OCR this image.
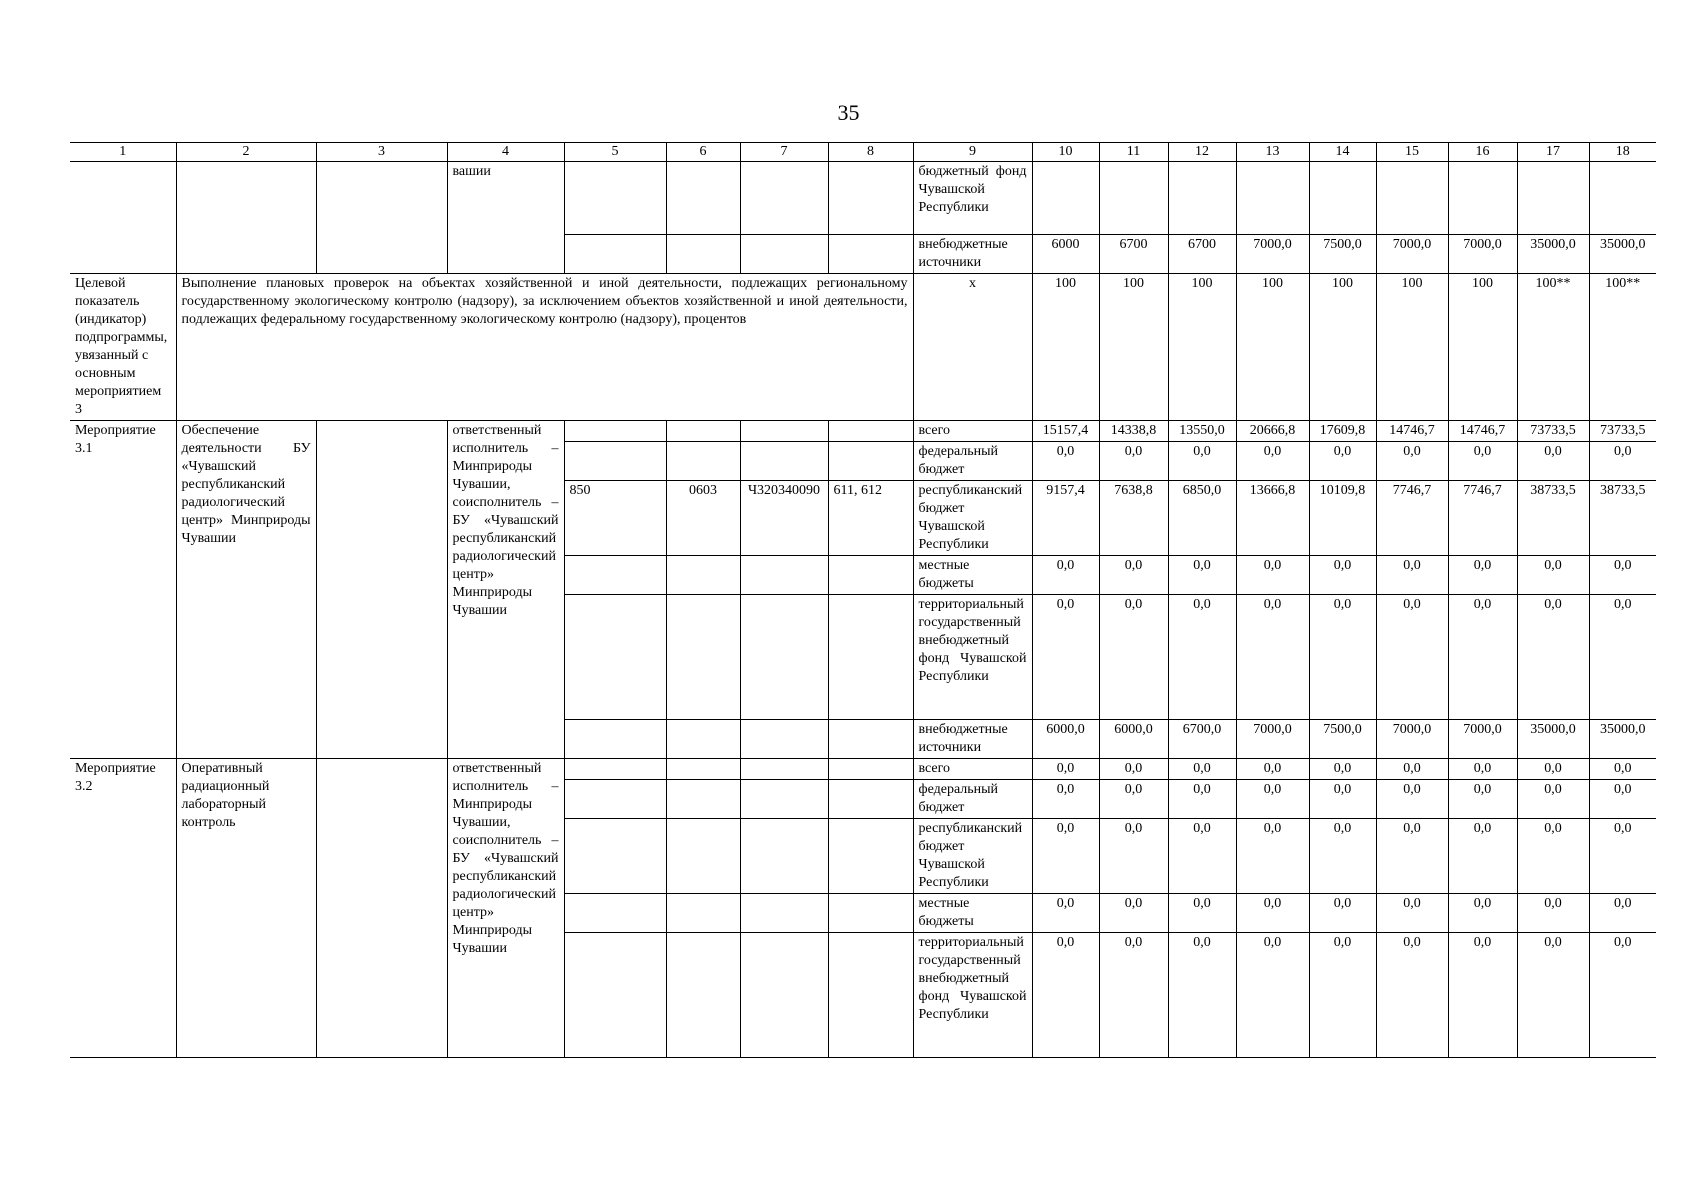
35
1	2	3	4	5	6	7	8	9	10	11	12	13	14	15	16	17	18
			вашии					бюджетный фонд Чувашской Республики									
								внебюджетные источники	6000	6700	6700	7000,0	7500,0	7000,0	7000,0	35000,0	35000,0
Целевой показатель (индикатор) подпрограммы, увязанный с основным мероприятием 3	Выполнение плановых проверок на объектах хозяйственной и иной деятельности, подлежащих региональному государственному экологическому контролю (надзору), за исключением объектов хозяйственной и иной деятельности, подлежащих федеральному государственному экологическому контролю (надзору), процентов							х	100	100	100	100	100	100	100	100**	100**
Мероприятие 3.1	Обеспечение деятельности БУ «Чувашский республиканский радиологический центр» Минприроды Чувашии		ответственный исполнитель – Минприроды Чувашии, соисполнитель – БУ «Чувашский республиканский радиологический центр» Минприроды Чувашии					всего	15157,4	14338,8	13550,0	20666,8	17609,8	14746,7	14746,7	73733,5	73733,5
								федеральный бюджет	0,0	0,0	0,0	0,0	0,0	0,0	0,0	0,0	0,0
				850	0603	Ч320340090	611, 612	республиканский бюджет Чувашской Республики	9157,4	7638,8	6850,0	13666,8	10109,8	7746,7	7746,7	38733,5	38733,5
								местные бюджеты	0,0	0,0	0,0	0,0	0,0	0,0	0,0	0,0	0,0
								территориальный государственный внебюджетный фонд Чувашской Республики	0,0	0,0	0,0	0,0	0,0	0,0	0,0	0,0	0,0
								внебюджетные источники	6000,0	6000,0	6700,0	7000,0	7500,0	7000,0	7000,0	35000,0	35000,0
Мероприятие 3.2	Оперативный радиационный лабораторный контроль		ответственный исполнитель – Минприроды Чувашии, соисполнитель – БУ «Чувашский республиканский радиологический центр» Минприроды Чувашии					всего	0,0	0,0	0,0	0,0	0,0	0,0	0,0	0,0	0,0
								федеральный бюджет	0,0	0,0	0,0	0,0	0,0	0,0	0,0	0,0	0,0
								республиканский бюджет Чувашской Республики	0,0	0,0	0,0	0,0	0,0	0,0	0,0	0,0	0,0
								местные бюджеты	0,0	0,0	0,0	0,0	0,0	0,0	0,0	0,0	0,0
								территориальный государственный внебюджетный фонд Чувашской Республики	0,0	0,0	0,0	0,0	0,0	0,0	0,0	0,0	0,0
